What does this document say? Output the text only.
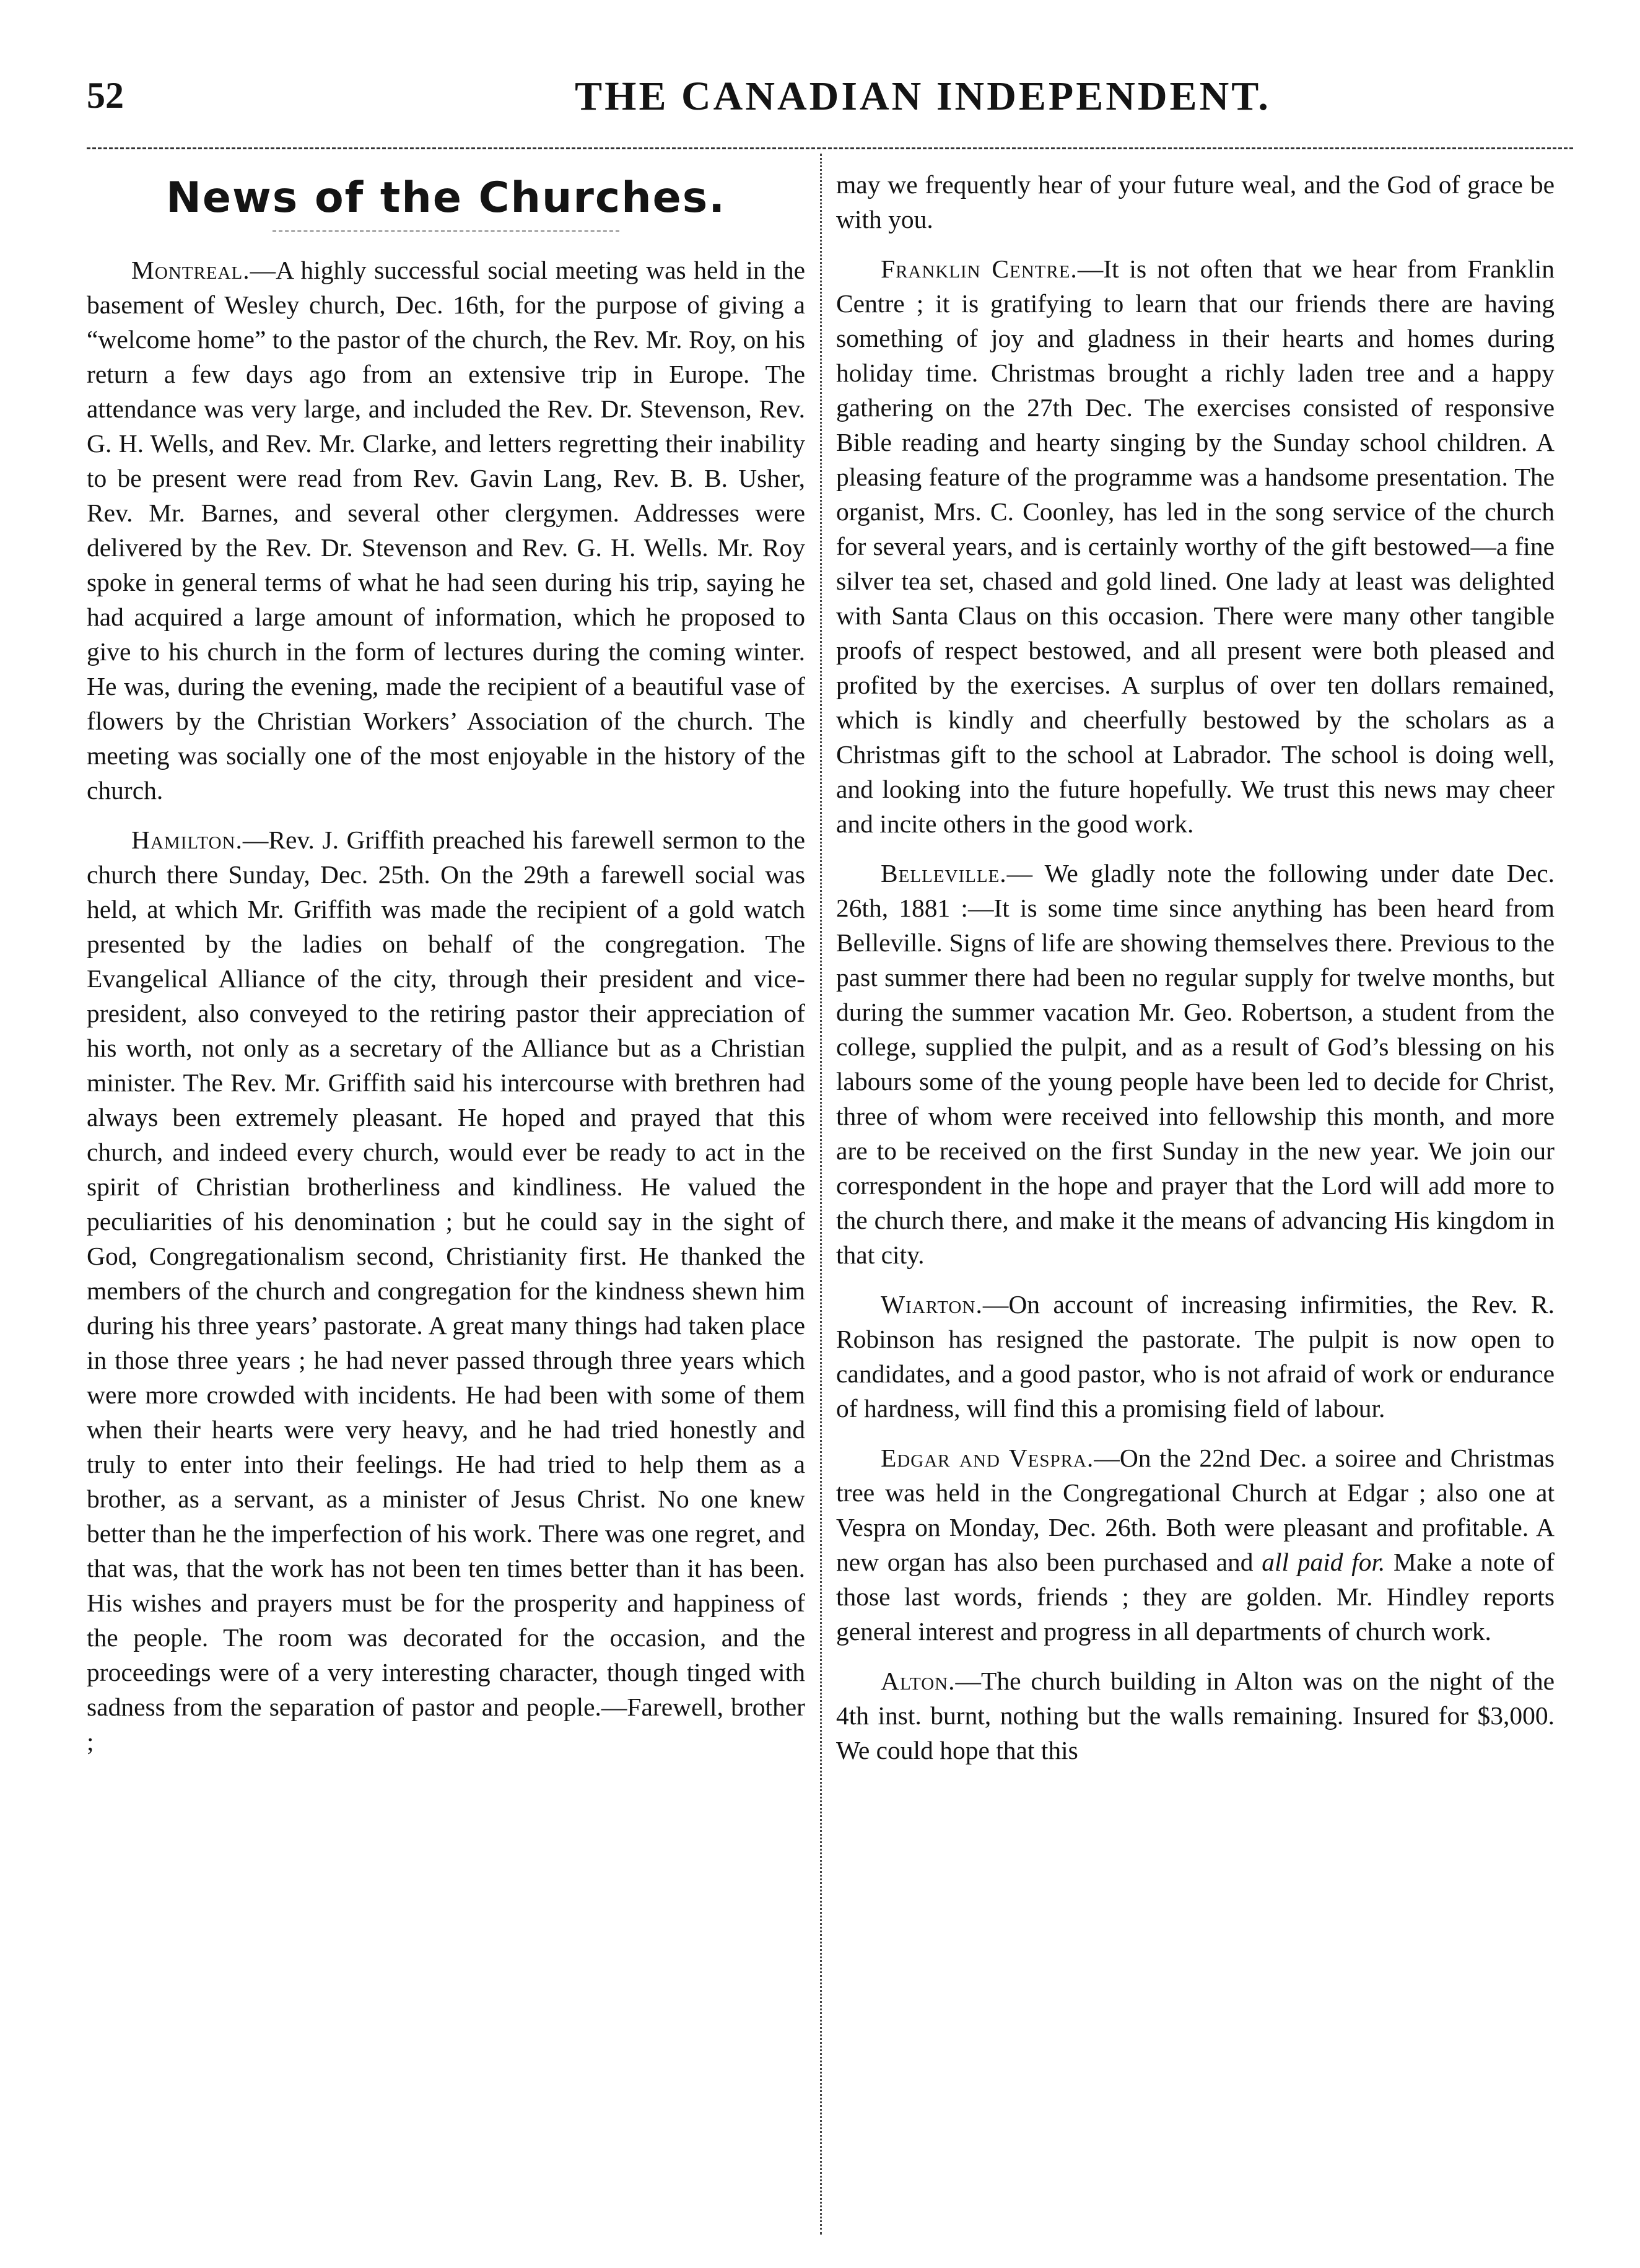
52	THE CANADIAN INDEPENDENT.
News of the Churches.

Montreal.—A highly successful social meeting was held in the basement of Wesley church, Dec. 16th, for the purpose of giving a “welcome home” to the pastor of the church, the Rev. Mr. Roy, on his return a few days ago from an extensive trip in Europe. The attendance was very large, and included the Rev. Dr. Stevenson, Rev. G. H. Wells, and Rev. Mr. Clarke, and letters regretting their inability to be present were read from Rev. Gavin Lang, Rev. B. B. Usher, Rev. Mr. Barnes, and several other clergymen. Addresses were delivered by the Rev. Dr. Stevenson and Rev. G. H. Wells. Mr. Roy spoke in general terms of what he had seen during his trip, saying he had acquired a large amount of information, which he proposed to give to his church in the form of lectures during the coming winter. He was, during the evening, made the recipient of a beautiful vase of flowers by the Christian Workers’ Association of the church. The meeting was socially one of the most enjoyable in the history of the church.

Hamilton.—Rev. J. Griffith preached his farewell sermon to the church there Sunday, Dec. 25th. On the 29th a farewell social was held, at which Mr. Griffith was made the recipient of a gold watch presented by the ladies on behalf of the congregation. The Evangelical Alliance of the city, through their president and vice-president, also conveyed to the retiring pastor their appreciation of his worth, not only as a secretary of the Alliance but as a Christian minister. The Rev. Mr. Griffith said his intercourse with brethren had always been extremely pleasant. He hoped and prayed that this church, and indeed every church, would ever be ready to act in the spirit of Christian brotherliness and kindliness. He valued the peculiarities of his denomination ; but he could say in the sight of God, Congregationalism second, Christianity first. He thanked the members of the church and congregation for the kindness shewn him during his three years’ pastorate. A great many things had taken place in those three years ; he had never passed through three years which were more crowded with incidents. He had been with some of them when their hearts were very heavy, and he had tried honestly and truly to enter into their feelings. He had tried to help them as a brother, as a servant, as a minister of Jesus Christ. No one knew better than he the imperfection of his work. There was one regret, and that was, that the work has not been ten times better than it has been. His wishes and prayers must be for the prosperity and happiness of the people. The room was decorated for the occasion, and the proceedings were of a very interesting character, though tinged with sadness from the separation of pastor and people.—Farewell, brother ;

may we frequently hear of your future weal, and the God of grace be with you.

Franklin Centre.—It is not often that we hear from Franklin Centre ; it is gratifying to learn that our friends there are having something of joy and gladness in their hearts and homes during holiday time. Christmas brought a richly laden tree and a happy gathering on the 27th Dec. The exercises consisted of responsive Bible reading and hearty singing by the Sunday school children. A pleasing feature of the programme was a handsome presentation. The organist, Mrs. C. Coonley, has led in the song service of the church for several years, and is certainly worthy of the gift bestowed—a fine silver tea set, chased and gold lined. One lady at least was delighted with Santa Claus on this occasion. There were many other tangible proofs of respect bestowed, and all present were both pleased and profited by the exercises. A surplus of over ten dollars remained, which is kindly and cheerfully bestowed by the scholars as a Christmas gift to the school at Labrador. The school is doing well, and looking into the future hopefully. We trust this news may cheer and incite others in the good work.

Belleville.— We gladly note the following under date Dec. 26th, 1881 :—It is some time since anything has been heard from Belleville. Signs of life are showing themselves there. Previous to the past summer there had been no regular supply for twelve months, but during the summer vacation Mr. Geo. Robertson, a student from the college, supplied the pulpit, and as a result of God’s blessing on his labours some of the young people have been led to decide for Christ, three of whom were received into fellowship this month, and more are to be received on the first Sunday in the new year. We join our correspondent in the hope and prayer that the Lord will add more to the church there, and make it the means of advancing His kingdom in that city.

Wiarton.—On account of increasing infirmities, the Rev. R. Robinson has resigned the pastorate. The pulpit is now open to candidates, and a good pastor, who is not afraid of work or endurance of hardness, will find this a promising field of labour.

Edgar and Vespra.—On the 22nd Dec. a soiree and Christmas tree was held in the Congregational Church at Edgar ; also one at Vespra on Monday, Dec. 26th. Both were pleasant and profitable. A new organ has also been purchased and all paid for. Make a note of those last words, friends ; they are golden. Mr. Hindley reports general interest and progress in all departments of church work.

Alton.—The church building in Alton was on the night of the 4th inst. burnt, nothing but the walls remaining. Insured for $3,000. We could hope that this
